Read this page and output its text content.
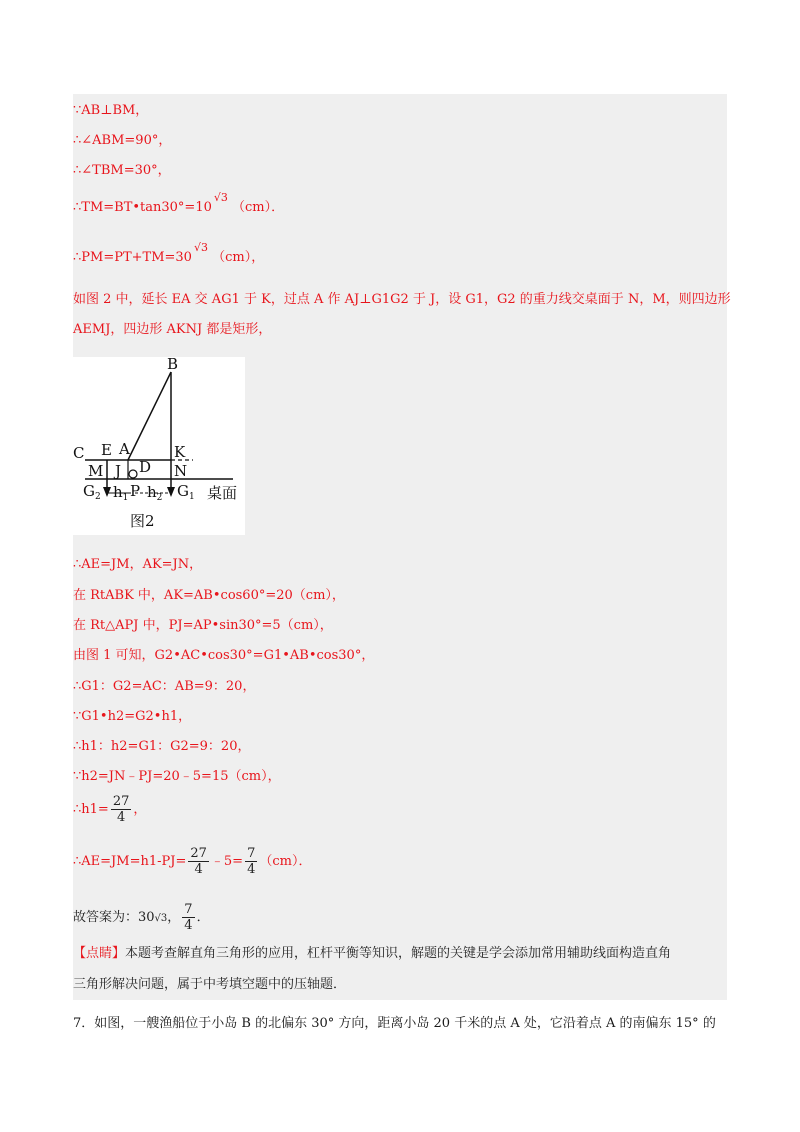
∵AB⊥BM，
∴∠ABM=90°，
∴∠TBM=30°，
$\therefore TM=BT•\tan 30^\circ=10^{√3}$ （cm）．
$\therefore PM=PT+TM=30^{√3}$ （cm），
如图 2 中，延长 EA 交 AG1 于 K，过点 A 作 AJ⊥G1G2 于 J，设 G1，G2 的重力线交桌面于 N，M，则四边形
AEMJ，四边形 AKNJ 都是矩形，
B
C E A	K
M J D N
$G_2$ $h_1$ P $h_2$ $G_1$ 桌面
图2
∴AE=JM，AK=JN，
在 RtABK 中，AK=AB•cos60°=20（cm），
在 Rt△APJ 中，PJ=AP•sin30°=5（cm），
由图 1 可知，G2•AC•cos30°=G1•AB•cos30°，
∴G1：G2=AC：AB=9：20，
∵G1•h2=G2•h1，
∴h1：h2=G1：G2=9：20，
∵h2=JN﹣PJ=20﹣5=15（cm），
∴h1= $\frac{27}{4}$ ，
∴AE=JM=h1-PJ= $\frac{27}{4}$ ﹣5= $\frac{7}{4} (cm)$．
故答案为：30√3， $\frac{7}{4}$ ．
【点睛】本题考查解直角三角形的应用，杠杆平衡等知识，解题的关键是学会添加常用辅助线面构造直角
三角形解决问题，属于中考填空题中的压轴题．
7．如图，一艘渔船位于小岛 B 的北偏东 30° 方向，距离小岛 20 千米的点 A 处，它沿着点 A 的南偏东 15° 的
